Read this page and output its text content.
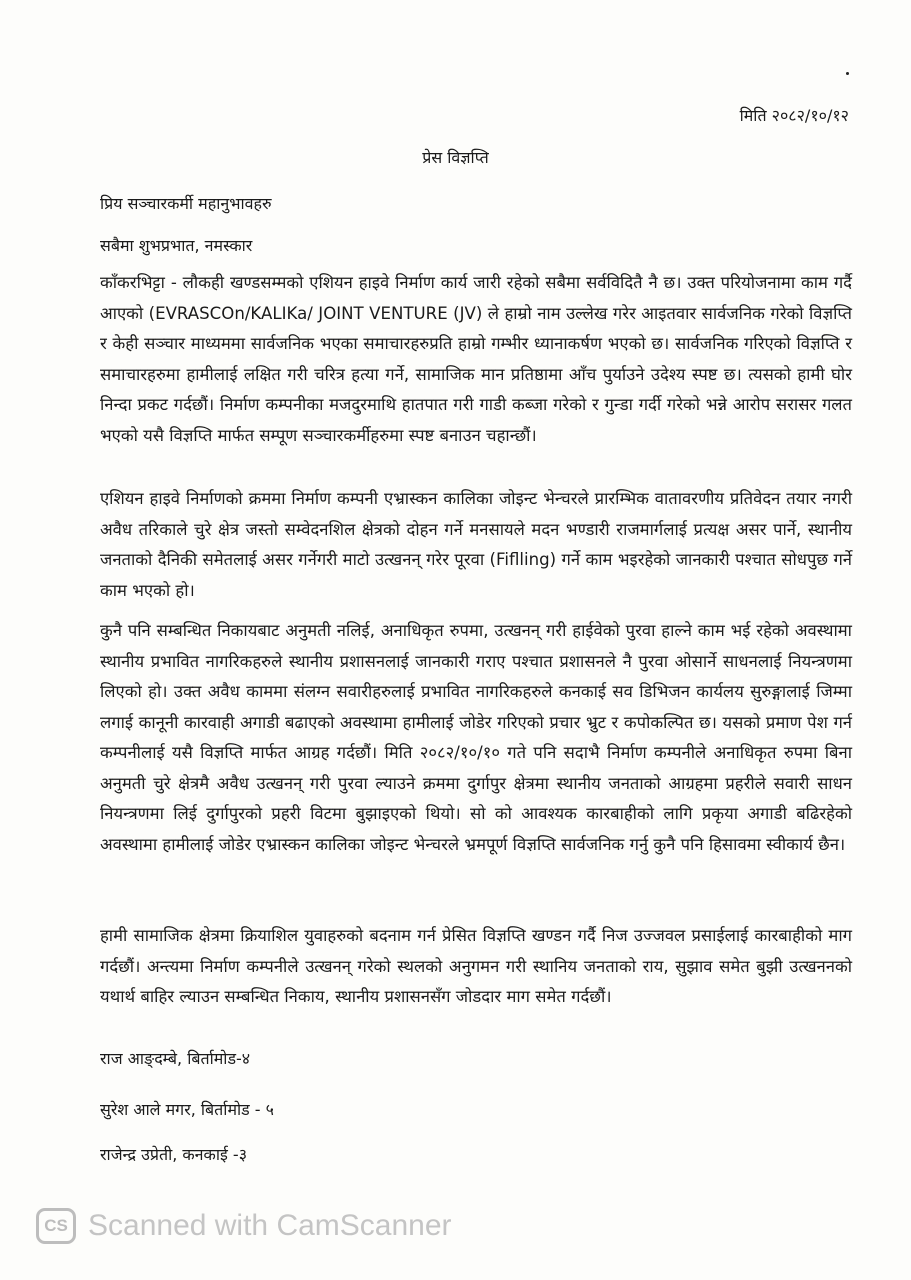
मिति २०८२/१०/१२
प्रेस विज्ञप्ति
प्रिय सञ्चारकर्मी महानुभावहरु
सबैमा शुभप्रभात, नमस्कार

काँकरभिट्टा - लौकही खण्डसम्मको एशियन हाइवे निर्माण कार्य जारी रहेको सबैमा सर्वविदितै नै छ। उक्त परियोजनामा काम गर्दै आएको (EVRASCOn/KALIKa/ JOINT VENTURE (JV) ले हाम्रो नाम उल्लेख गरेर आइतवार सार्वजनिक गरेको विज्ञप्ति र केही सञ्चार माध्यममा सार्वजनिक भएका समाचारहरुप्रति हाम्रो गम्भीर ध्यानाकर्षण भएको छ। सार्वजनिक गरिएको विज्ञप्ति र समाचारहरुमा हामीलाई लक्षित गरी चरित्र हत्या गर्ने, सामाजिक मान प्रतिष्ठामा आँच पुर्याउने उदेश्य स्पष्ट छ। त्यसको हामी घोर निन्दा प्रकट गर्दछौं। निर्माण कम्पनीका मजदुरमाथि हातपात गरी गाडी कब्जा गरेको र गुन्डा गर्दी गरेको भन्ने आरोप सरासर गलत भएको यसै विज्ञप्ति मार्फत सम्पूण सञ्चारकर्मीहरुमा स्पष्ट बनाउन चहान्छौं।

एशियन हाइवे निर्माणको क्रममा निर्माण कम्पनी एभ्रास्कन कालिका जोइन्ट भेन्चरले प्रारम्भिक वातावरणीय प्रतिवेदन तयार नगरी अवैध तरिकाले चुरे क्षेत्र जस्तो सम्वेदनशिल क्षेत्रको दोहन गर्ने मनसायले मदन भण्डारी राजमार्गलाई प्रत्यक्ष असर पार्ने, स्थानीय जनताको दैनिकी समेतलाई असर गर्नेगरी माटो उत्खनन् गरेर पूरवा (Fiflling) गर्ने काम भइरहेको जानकारी पश्चात सोधपुछ गर्ने काम भएको हो।

कुनै पनि सम्बन्धित निकायबाट अनुमती नलिई, अनाधिकृत रुपमा, उत्खनन् गरी हाईवेको पुरवा हाल्ने काम भई रहेको अवस्थामा स्थानीय प्रभावित नागरिकहरुले स्थानीय प्रशासनलाई जानकारी गराए पश्चात प्रशासनले नै पुरवा ओसार्ने साधनलाई नियन्त्रणमा लिएको हो। उक्त अवैध काममा संलग्न सवारीहरुलाई प्रभावित नागरिकहरुले कनकाई सव डिभिजन कार्यलय सुरुङ्गालाई जिम्मा लगाई कानूनी कारवाही अगाडी बढाएको अवस्थामा हामीलाई जोडेर गरिएको प्रचार भ्रुट र कपोकल्पित छ। यसको प्रमाण पेश गर्न कम्पनीलाई यसै विज्ञप्ति मार्फत आग्रह गर्दछौं। मिति २०८२/१०/१० गते पनि सदाभै निर्माण कम्पनीले अनाधिकृत रुपमा बिना अनुमती चुरे क्षेत्रमै अवैध उत्खनन् गरी पुरवा ल्याउने क्रममा दुर्गापुर क्षेत्रमा स्थानीय जनताको आग्रहमा प्रहरीले सवारी साधन नियन्त्रणमा लिई दुर्गापुरको प्रहरी विटमा बुझाइएको थियो। सो को आवश्यक कारबाहीको लागि प्रकृया अगाडी बढिरहेको अवस्थामा हामीलाई जोडेर एभ्रास्कन कालिका जोइन्ट भेन्चरले भ्रमपूर्ण विज्ञप्ति सार्वजनिक गर्नु कुनै पनि हिसावमा स्वीकार्य छैन।

हामी सामाजिक क्षेत्रमा क्रियाशिल युवाहरुको बदनाम गर्न प्रेसित विज्ञप्ति खण्डन गर्दै निज उज्जवल प्रसाईलाई कारबाहीको माग गर्दछौं। अन्त्यमा निर्माण कम्पनीले उत्खनन् गरेको स्थलको अनुगमन गरी स्थानिय जनताको राय, सुझाव समेत बुझी उत्खननको यथार्थ बाहिर ल्याउन सम्बन्धित निकाय, स्थानीय प्रशासनसँग जोडदार माग समेत गर्दछौं।

राज आङ्दम्बे, बिर्तामोड-४
सुरेश आले मगर, बिर्तामोड - ५
राजेन्द्र उप्रेती, कनकाई -३
CS Scanned with CamScanner
